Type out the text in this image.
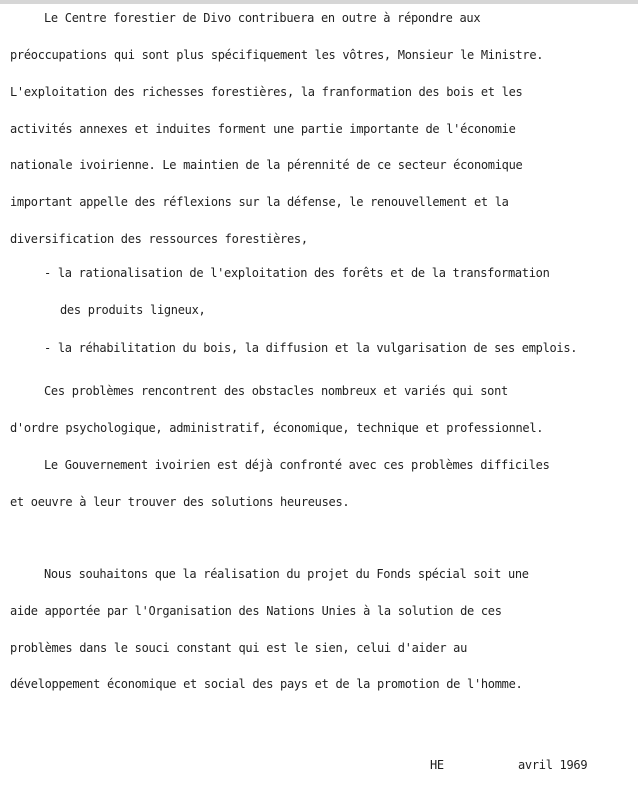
Le Centre forestier de Divo contribuera en outre à répondre aux
préoccupations qui sont plus spécifiquement les vôtres, Monsieur le Ministre.
L'exploitation des richesses forestières, la franformation des bois et les
activités annexes et induites forment une partie importante de l'économie
nationale ivoirienne. Le maintien de la pérennité de ce secteur économique
important appelle des réflexions sur la défense, le renouvellement et la
diversification des ressources forestières,
- la rationalisation de l'exploitation des forêts et de la transformation
des produits ligneux,
- la réhabilitation du bois, la diffusion et la vulgarisation de ses emplois.
Ces problèmes rencontrent des obstacles nombreux et variés qui sont
d'ordre psychologique, administratif, économique, technique et professionnel.
Le Gouvernement ivoirien est déjà confronté avec ces problèmes difficiles
et oeuvre à leur trouver des solutions heureuses.
Nous souhaitons que la réalisation du projet du Fonds spécial soit une
aide apportée par l'Organisation des Nations Unies à la solution de ces
problèmes dans le souci constant qui est le sien, celui d'aider au
développement économique et social des pays et de la promotion de l'homme.
HE	avril 1969
